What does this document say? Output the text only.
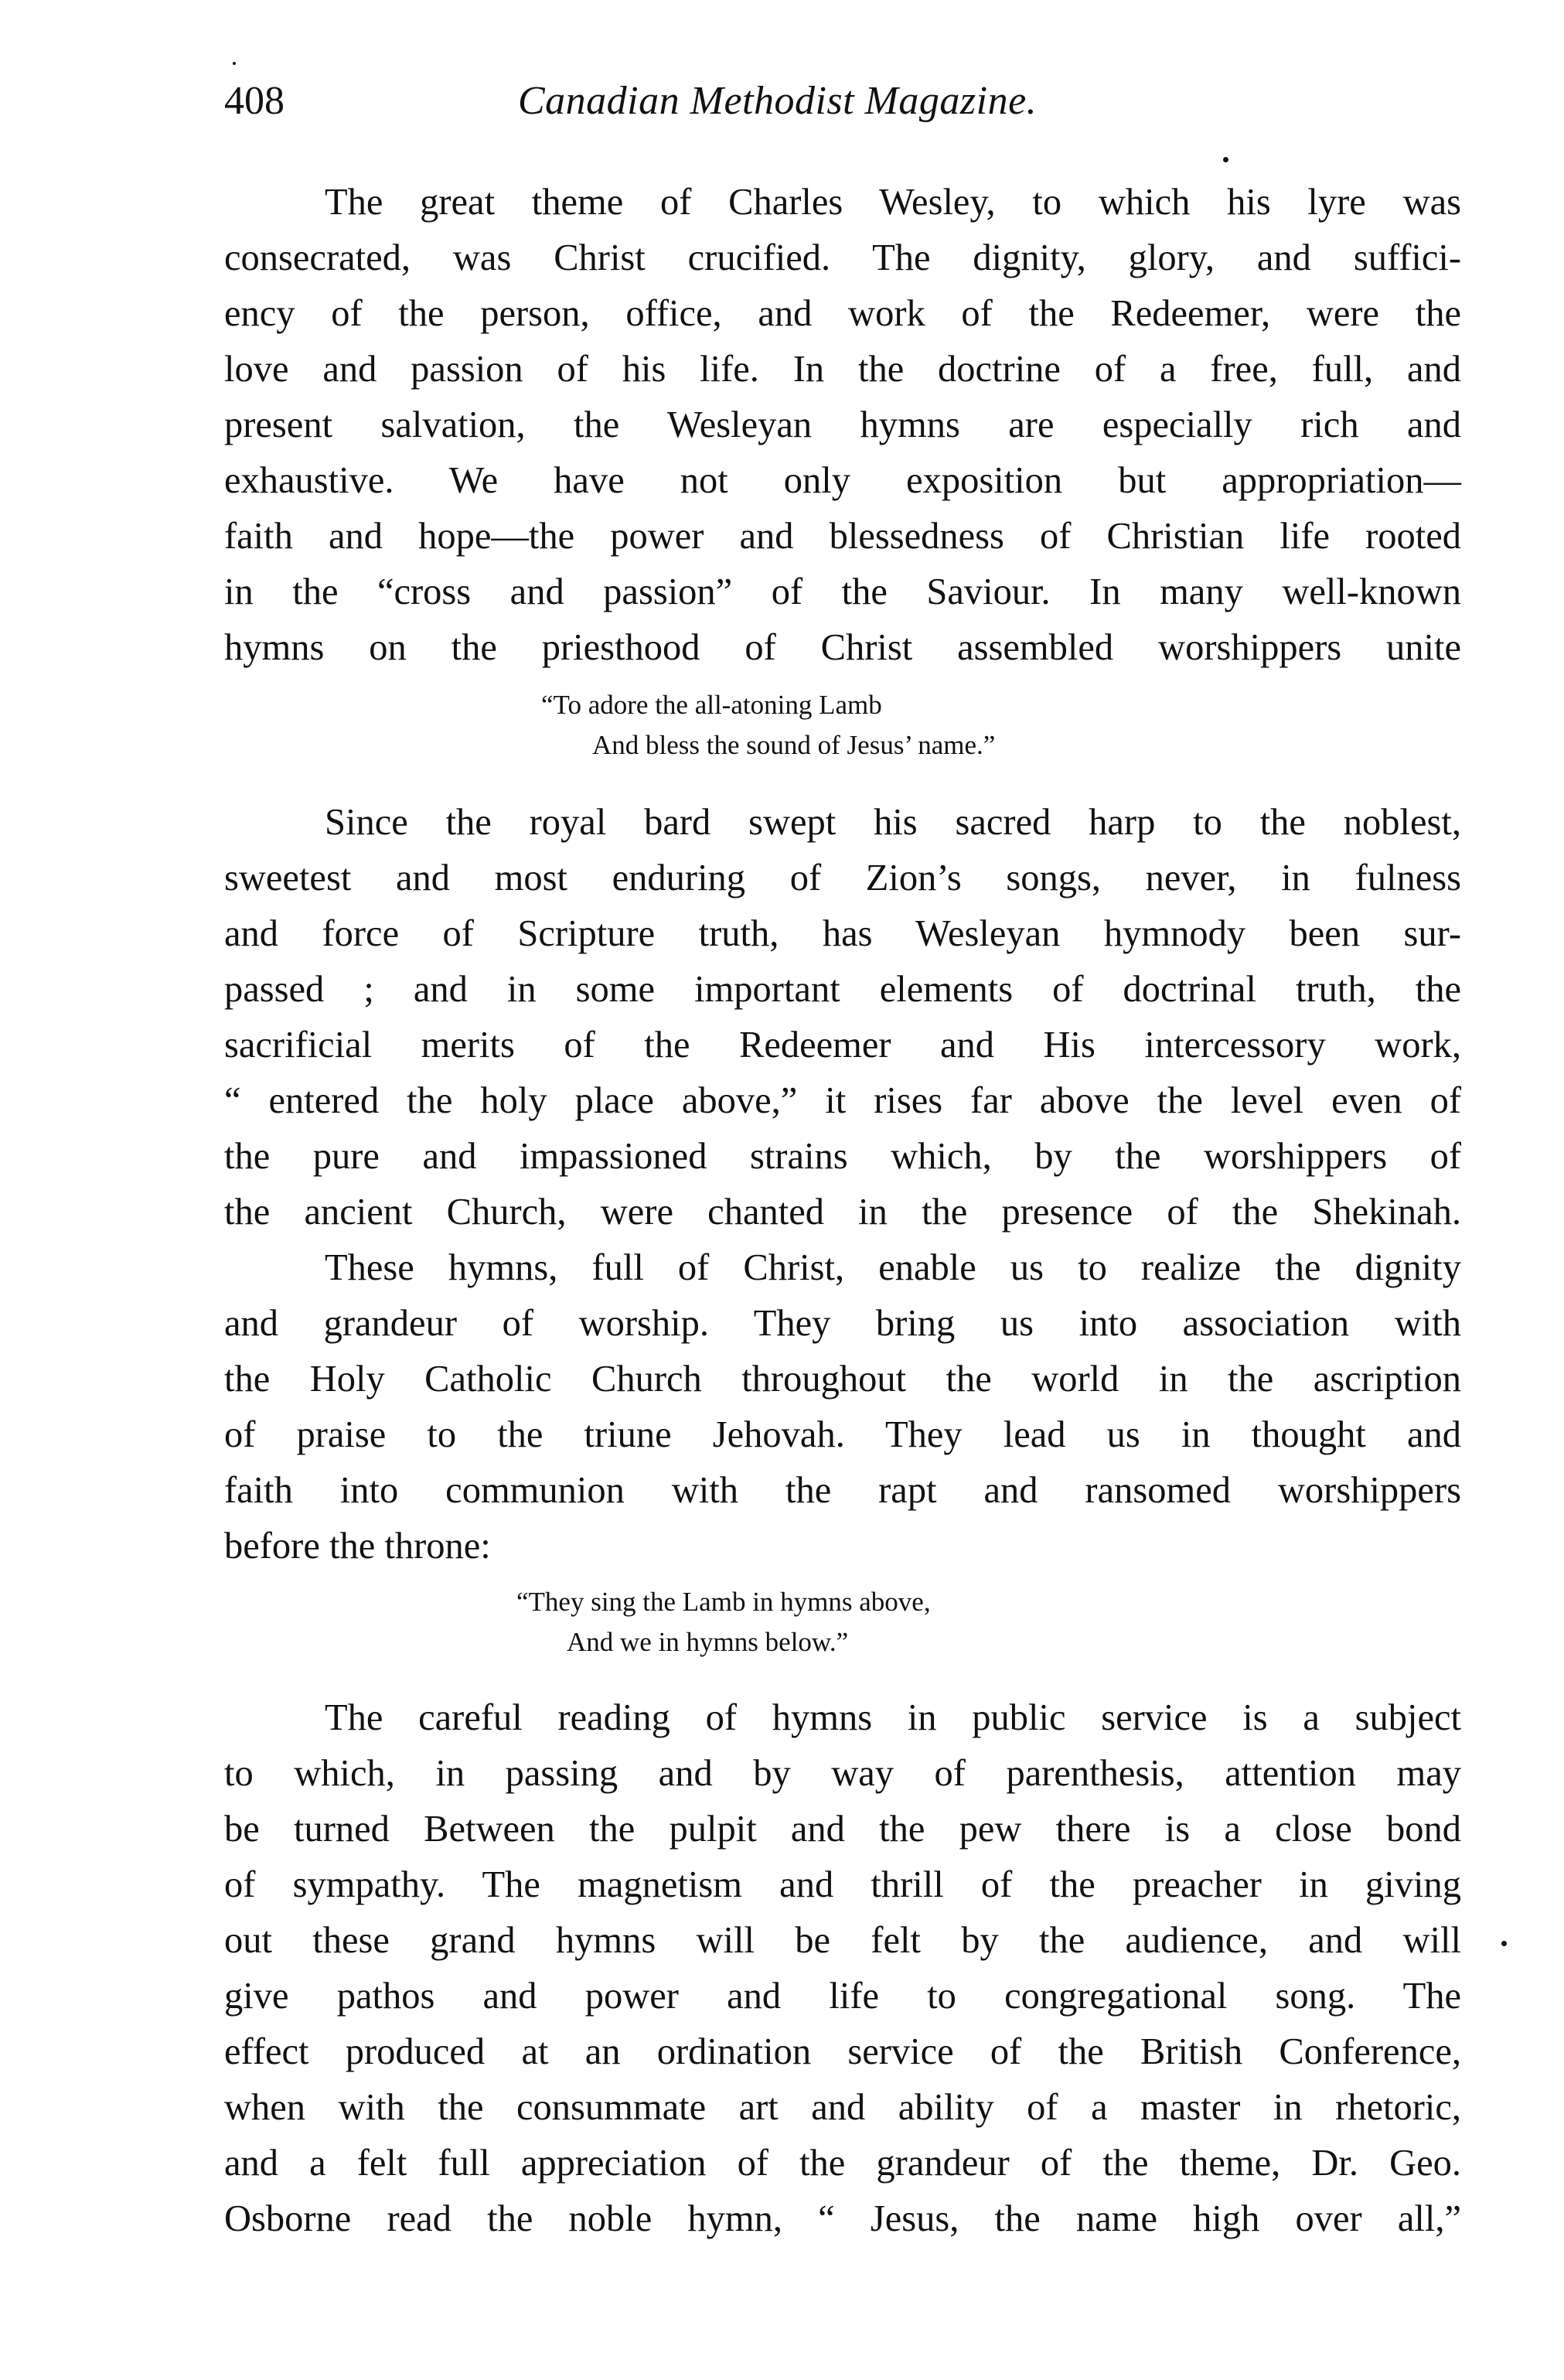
408	Canadian Methodist Magazine.
The great theme of Charles Wesley, to which his lyre was
consecrated, was Christ crucified. The dignity, glory, and suffici-
ency of the person, office, and work of the Redeemer, were the
love and passion of his life. In the doctrine of a free, full, and
present salvation, the Wesleyan hymns are especially rich and
exhaustive. We have not only exposition but appropriation—
faith and hope—the power and blessedness of Christian life rooted
in the “cross and passion” of the Saviour. In many well-known
hymns on the priesthood of Christ assembled worshippers unite
“To adore the all-atoning Lamb
And bless the sound of Jesus’ name.”
Since the royal bard swept his sacred harp to the noblest,
sweetest and most enduring of Zion’s songs, never, in fulness
and force of Scripture truth, has Wesleyan hymnody been sur-
passed ; and in some important elements of doctrinal truth, the
sacrificial merits of the Redeemer and His intercessory work,
“ entered the holy place above,” it rises far above the level even of
the pure and impassioned strains which, by the worshippers of
the ancient Church, were chanted in the presence of the Shekinah.
These hymns, full of Christ, enable us to realize the dignity
and grandeur of worship. They bring us into association with
the Holy Catholic Church throughout the world in the ascription
of praise to the triune Jehovah. They lead us in thought and
faith into communion with the rapt and ransomed worshippers
before the throne:
“They sing the Lamb in hymns above,
And we in hymns below.”
The careful reading of hymns in public service is a subject
to which, in passing and by way of parenthesis, attention may
be turned Between the pulpit and the pew there is a close bond
of sympathy. The magnetism and thrill of the preacher in giving
out these grand hymns will be felt by the audience, and will
give pathos and power and life to congregational song. The
effect produced at an ordination service of the British Conference,
when with the consummate art and ability of a master in rhetoric,
and a felt full appreciation of the grandeur of the theme, Dr. Geo.
Osborne read the noble hymn, “ Jesus, the name high over all,”
